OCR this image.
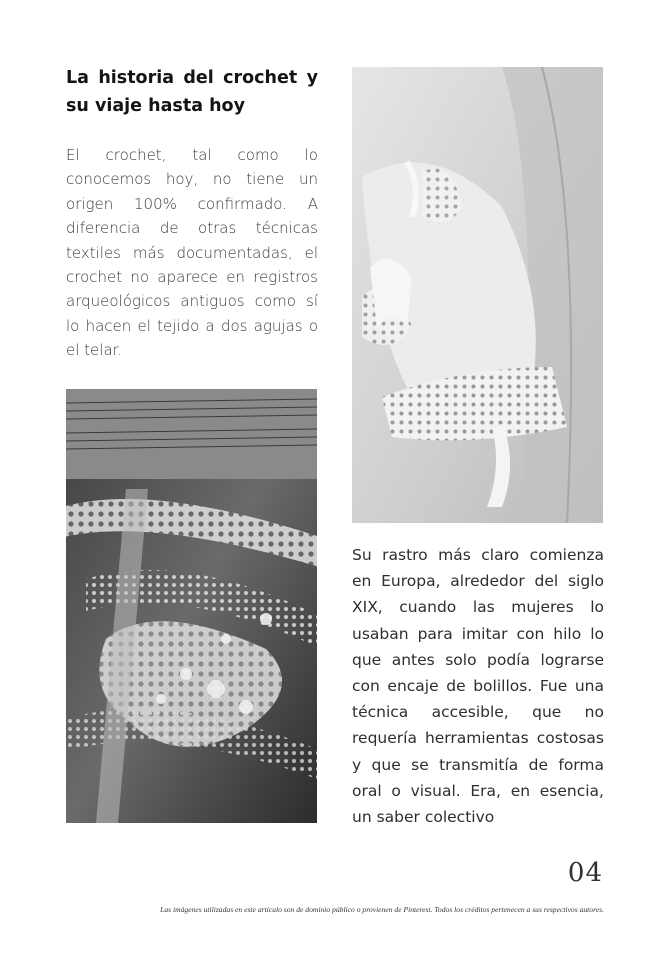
La historia del crochet y su viaje hasta hoy

El crochet, tal como lo conocemos hoy, no tiene un origen 100% confirmado. A diferencia de otras técnicas textiles más documentadas, el crochet no aparece en registros arqueológicos antiguos como sí lo hacen el tejido a dos agujas o el telar.

Su rastro más claro comienza en Europa, alrededor del siglo XIX, cuando las mujeres lo usaban para imitar con hilo lo que antes solo podía lograrse con encaje de bolillos. Fue una técnica accesible, que no requería herramientas costosas y que se transmitía de forma oral o visual. Era, en esencia, un saber colectivo

04
Las imágenes utilizadas en este artículo son de dominio público o provienen de Pinterest. Todos los créditos pertenecen a sus respectivos autores.
